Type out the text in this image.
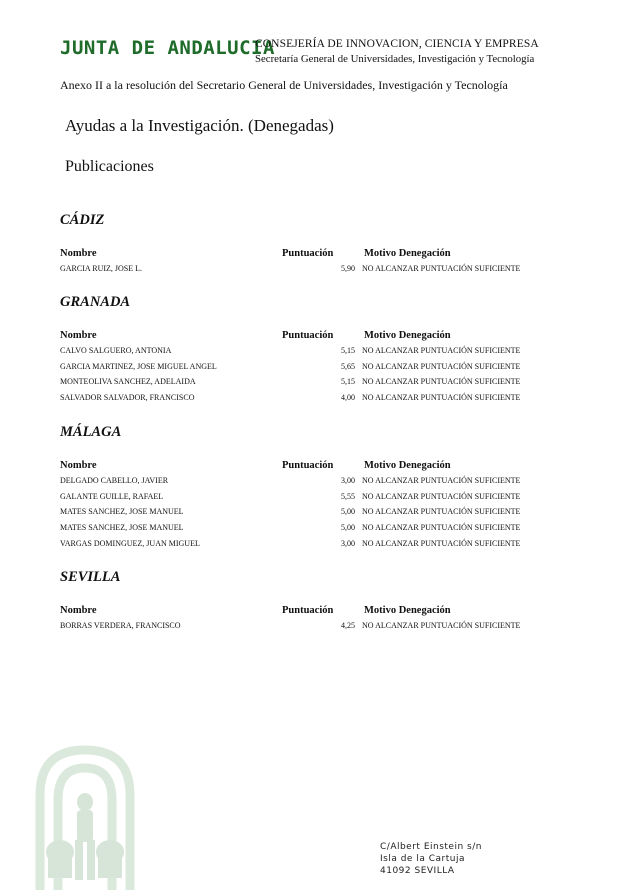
JUNTA DE ANDALUCIA
CONSEJERÍA DE INNOVACION, CIENCIA Y EMPRESA
Secretaría General de Universidades, Investigación y Tecnología
Anexo II a la resolución del Secretario General de Universidades, Investigación y Tecnología
Ayudas a la Investigación. (Denegadas)
Publicaciones
CÁDIZ
Nombre	Puntuación	Motivo Denegación
GARCIA RUIZ, JOSE L.	5,90 NO ALCANZAR PUNTUACIÓN SUFICIENTE
GRANADA
Nombre	Puntuación	Motivo Denegación
CALVO SALGUERO, ANTONIA	5,15 NO ALCANZAR PUNTUACIÓN SUFICIENTE
GARCIA MARTINEZ, JOSE MIGUEL ANGEL	5,65 NO ALCANZAR PUNTUACIÓN SUFICIENTE
MONTEOLIVA SANCHEZ, ADELAIDA	5,15 NO ALCANZAR PUNTUACIÓN SUFICIENTE
SALVADOR SALVADOR, FRANCISCO	4,00 NO ALCANZAR PUNTUACIÓN SUFICIENTE
MÁLAGA
Nombre	Puntuación	Motivo Denegación
DELGADO CABELLO, JAVIER	3,00 NO ALCANZAR PUNTUACIÓN SUFICIENTE
GALANTE GUILLE, RAFAEL	5,55 NO ALCANZAR PUNTUACIÓN SUFICIENTE
MATES SANCHEZ, JOSE MANUEL	5,00 NO ALCANZAR PUNTUACIÓN SUFICIENTE
MATES SANCHEZ, JOSE MANUEL	5,00 NO ALCANZAR PUNTUACIÓN SUFICIENTE
VARGAS DOMINGUEZ, JUAN MIGUEL	3,00 NO ALCANZAR PUNTUACIÓN SUFICIENTE
SEVILLA
Nombre	Puntuación	Motivo Denegación
BORRAS VERDERA, FRANCISCO	4,25 NO ALCANZAR PUNTUACIÓN SUFICIENTE
C/Albert Einstein s/n
Isla de la Cartuja
41092 SEVILLA
